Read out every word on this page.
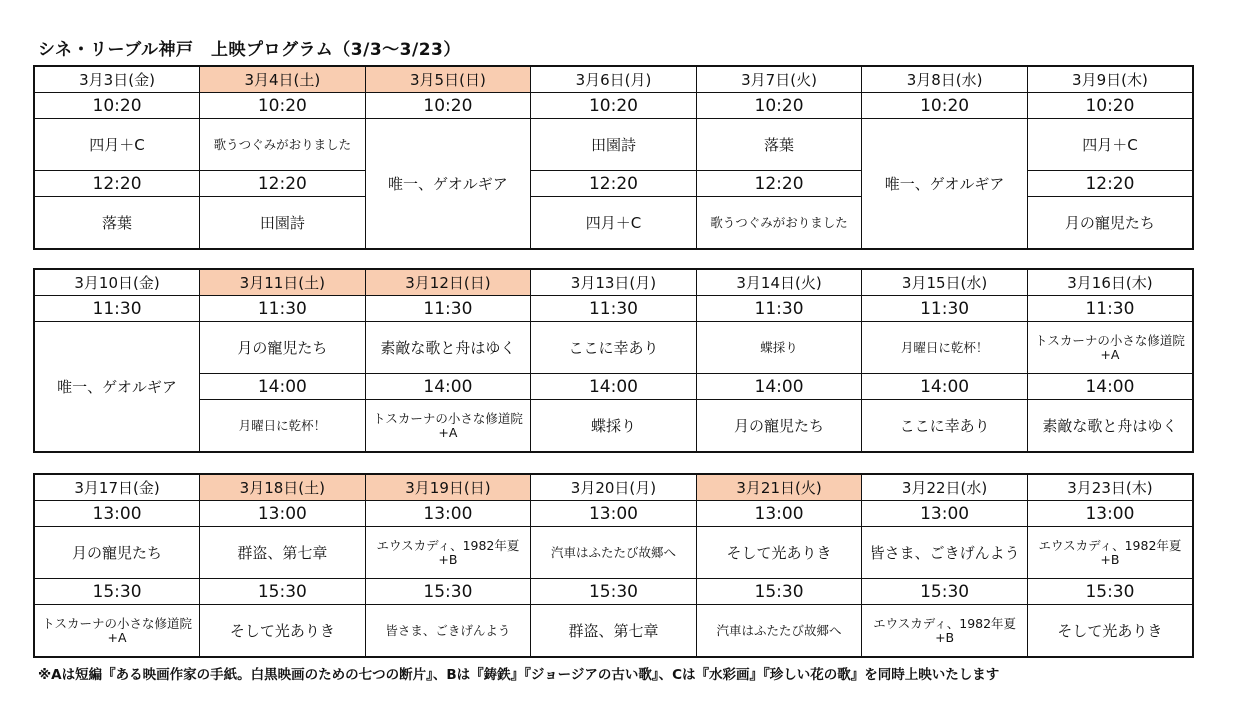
シネ・リーブル神戸　上映プログラム（3/3〜3/23）
3月3日(金)	3月4日(土)	3月5日(日)	3月6日(月)	3月7日(火)	3月8日(水)	3月9日(木)
10:20	10:20	10:20	10:20	10:20	10:20	10:20
四月＋C	歌うつぐみがおりました	唯一、ゲオルギア	田園詩	落葉	唯一、ゲオルギア	四月＋C
12:20	12:20		12:20	12:20		12:20
落葉	田園詩		四月＋C	歌うつぐみがおりました		月の寵児たち
3月10日(金)	3月11日(土)	3月12日(日)	3月13日(月)	3月14日(火)	3月15日(水)	3月16日(木)
11:30	11:30	11:30	11:30	11:30	11:30	11:30
唯一、ゲオルギア	月の寵児たち	素敵な歌と舟はゆく	ここに幸あり	蝶採り	月曜日に乾杯！	トスカーナの小さな修道院
+A
	14:00	14:00	14:00	14:00	14:00	14:00
	月曜日に乾杯！	トスカーナの小さな修道院
+A	蝶採り	月の寵児たち	ここに幸あり	素敵な歌と舟はゆく
3月17日(金)	3月18日(土)	3月19日(日)	3月20日(月)	3月21日(火)	3月22日(水)	3月23日(木)
13:00	13:00	13:00	13:00	13:00	13:00	13:00
月の寵児たち	群盗、第七章	エウスカディ、1982年夏
+B	汽車はふたたび故郷へ	そして光ありき	皆さま、ごきげんよう	エウスカディ、1982年夏
+B
15:30	15:30	15:30	15:30	15:30	15:30	15:30
トスカーナの小さな修道院
+A	そして光ありき	皆さま、ごきげんよう	群盗、第七章	汽車はふたたび故郷へ	エウスカディ、1982年夏
+B	そして光ありき
※Aは短編『ある映画作家の手紙。白黒映画のための七つの断片』、Bは『鋳鉄』『ジョージアの古い歌』、Cは『水彩画』『珍しい花の歌』を同時上映いたします
